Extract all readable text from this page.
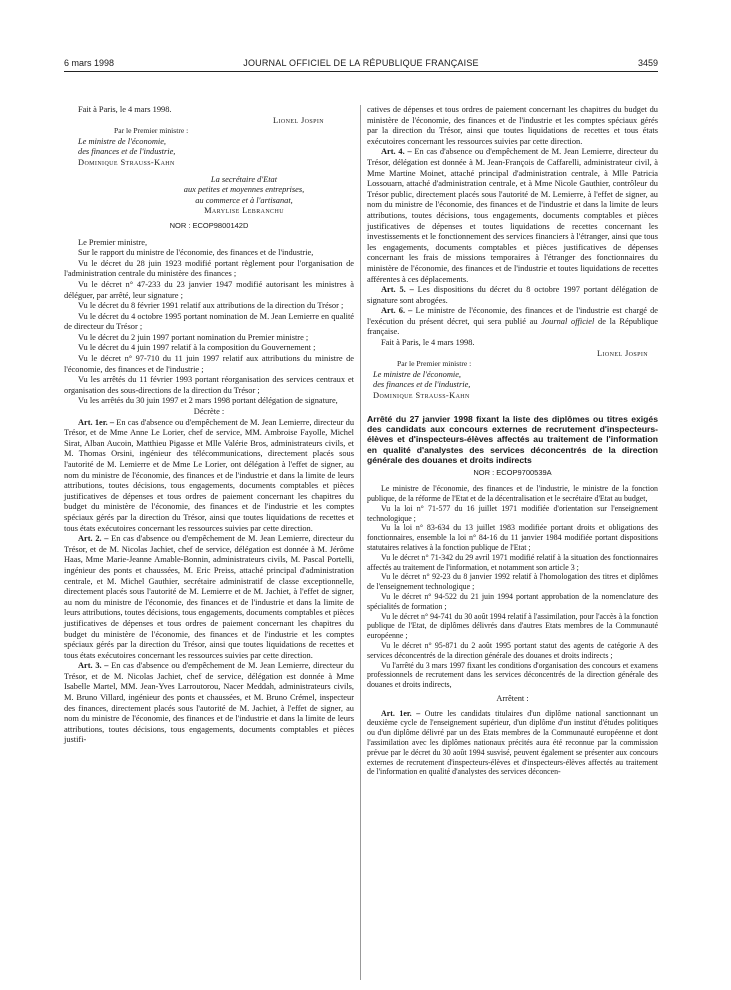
6 mars 1998	JOURNAL OFFICIEL DE LA RÉPUBLIQUE FRANÇAISE	3459

Fait à Paris, le 4 mars 1998.

Lionel Jospin

Par le Premier ministre :

Le ministre de l'économie,

des finances et de l'industrie,

Dominique Strauss-Kahn

La secrétaire d'Etat

aux petites et moyennes entreprises,

au commerce et à l'artisanat,

Marylise Lebranchu

NOR : ECOP9800142D

Le Premier ministre,

Sur le rapport du ministre de l'économie, des finances et de l'industrie,

Vu le décret du 28 juin 1923 modifié portant règlement pour l'organisation de l'administration centrale du ministère des finances ;

Vu le décret n° 47-233 du 23 janvier 1947 modifié autorisant les ministres à déléguer, par arrêté, leur signature ;

Vu le décret du 8 février 1991 relatif aux attributions de la direction du Trésor ;

Vu le décret du 4 octobre 1995 portant nomination de M. Jean Lemierre en qualité de directeur du Trésor ;

Vu le décret du 2 juin 1997 portant nomination du Premier ministre ;

Vu le décret du 4 juin 1997 relatif à la composition du Gouvernement ;

Vu le décret n° 97-710 du 11 juin 1997 relatif aux attributions du ministre de l'économie, des finances et de l'industrie ;

Vu les arrêtés du 11 février 1993 portant réorganisation des services centraux et organisation des sous-directions de la direction du Trésor ;

Vu les arrêtés du 30 juin 1997 et 2 mars 1998 portant délégation de signature,

Décrète :

Art. 1er. – En cas d'absence ou d'empêchement de M. Jean Lemierre, directeur du Trésor, et de Mme Anne Le Lorier, chef de service, MM. Ambroise Fayolle, Michel Sirat, Alban Aucoin, Matthieu Pigasse et Mlle Valérie Bros, administrateurs civils, et M. Thomas Orsini, ingénieur des télécommunications, directement placés sous l'autorité de M. Lemierre et de Mme Le Lorier, ont délégation à l'effet de signer, au nom du ministre de l'économie, des finances et de l'industrie et dans la limite de leurs attributions, toutes décisions, tous engagements, documents comptables et pièces justificatives de dépenses et tous ordres de paiement concernant les chapitres du budget du ministère de l'économie, des finances et de l'industrie et les comptes spéciaux gérés par la direction du Trésor, ainsi que toutes liquidations de recettes et tous états exécutoires concernant les ressources suivies par cette direction.

Art. 2. – En cas d'absence ou d'empêchement de M. Jean Lemierre, directeur du Trésor, et de M. Nicolas Jachiet, chef de service, délégation est donnée à M. Jérôme Haas, Mme Marie-Jeanne Amable-Bonnin, administrateurs civils, M. Pascal Portelli, ingénieur des ponts et chaussées, M. Eric Preiss, attaché principal d'administration centrale, et M. Michel Gauthier, secrétaire administratif de classe exceptionnelle, directement placés sous l'autorité de M. Lemierre et de M. Jachiet, à l'effet de signer, au nom du ministre de l'économie, des finances et de l'industrie et dans la limite de leurs attributions, toutes décisions, tous engagements, documents comptables et pièces justificatives de dépenses et tous ordres de paiement concernant les chapitres du budget du ministère de l'économie, des finances et de l'industrie et les comptes spéciaux gérés par la direction du Trésor, ainsi que toutes liquidations de recettes et tous états exécutoires concernant les ressources suivies par cette direction.

Art. 3. – En cas d'absence ou d'empêchement de M. Jean Lemierre, directeur du Trésor, et de M. Nicolas Jachiet, chef de service, délégation est donnée à Mme Isabelle Martel, MM. Jean-Yves Larroutorou, Nacer Meddah, administrateurs civils, M. Bruno Villard, ingénieur des ponts et chaussées, et M. Bruno Crémel, inspecteur des finances, directement placés sous l'autorité de M. Jachiet, à l'effet de signer, au nom du ministre de l'économie, des finances et de l'industrie et dans la limite de leurs attributions, toutes décisions, tous engagements, documents comptables et pièces justifi-

catives de dépenses et tous ordres de paiement concernant les chapitres du budget du ministère de l'économie, des finances et de l'industrie et les comptes spéciaux gérés par la direction du Trésor, ainsi que toutes liquidations de recettes et tous états exécutoires concernant les ressources suivies par cette direction.

Art. 4. – En cas d'absence ou d'empêchement de M. Jean Lemierre, directeur du Trésor, délégation est donnée à M. Jean-François de Caffarelli, administrateur civil, à Mme Martine Moinet, attaché principal d'administration centrale, à Mlle Patricia Lossouarn, attaché d'administration centrale, et à Mme Nicole Gauthier, contrôleur du Trésor public, directement placés sous l'autorité de M. Lemierre, à l'effet de signer, au nom du ministre de l'économie, des finances et de l'industrie et dans la limite de leurs attributions, toutes décisions, tous engagements, documents comptables et pièces justificatives de dépenses et toutes liquidations de recettes concernant les investissements et le fonctionnement des services financiers à l'étranger, ainsi que tous les engagements, documents comptables et pièces justificatives de dépenses concernant les frais de missions temporaires à l'étranger des fonctionnaires du ministère de l'économie, des finances et de l'industrie et toutes liquidations de recettes afférentes à ces déplacements.

Art. 5. – Les dispositions du décret du 8 octobre 1997 portant délégation de signature sont abrogées.

Art. 6. – Le ministre de l'économie, des finances et de l'industrie est chargé de l'exécution du présent décret, qui sera publié au Journal officiel de la République française.

Fait à Paris, le 4 mars 1998.

Lionel Jospin

Par le Premier ministre :

Le ministre de l'économie,

des finances et de l'industrie,

Dominique Strauss-Kahn

Arrêté du 27 janvier 1998 fixant la liste des diplômes ou titres exigés des candidats aux concours externes de recrutement d'inspecteurs-élèves et d'inspecteurs-élèves affectés au traitement de l'information en qualité d'analystes des services déconcentrés de la direction générale des douanes et droits indirects

NOR : ECOP9700539A

Le ministre de l'économie, des finances et de l'industrie, le ministre de la fonction publique, de la réforme de l'Etat et de la décentralisation et le secrétaire d'Etat au budget,

Vu la loi n° 71-577 du 16 juillet 1971 modifiée d'orientation sur l'enseignement technologique ;

Vu la loi n° 83-634 du 13 juillet 1983 modifiée portant droits et obligations des fonctionnaires, ensemble la loi n° 84-16 du 11 janvier 1984 modifiée portant dispositions statutaires relatives à la fonction publique de l'Etat ;

Vu le décret n° 71-342 du 29 avril 1971 modifié relatif à la situation des fonctionnaires affectés au traitement de l'information, et notamment son article 3 ;

Vu le décret n° 92-23 du 8 janvier 1992 relatif à l'homologation des titres et diplômes de l'enseignement technologique ;

Vu le décret n° 94-522 du 21 juin 1994 portant approbation de la nomenclature des spécialités de formation ;

Vu le décret n° 94-741 du 30 août 1994 relatif à l'assimilation, pour l'accès à la fonction publique de l'Etat, de diplômes délivrés dans d'autres Etats membres de la Communauté européenne ;

Vu le décret n° 95-871 du 2 août 1995 portant statut des agents de catégorie A des services déconcentrés de la direction générale des douanes et droits indirects ;

Vu l'arrêté du 3 mars 1997 fixant les conditions d'organisation des concours et examens professionnels de recrutement dans les services déconcentrés de la direction générale des douanes et droits indirects,

Arrêtent :

Art. 1er. – Outre les candidats titulaires d'un diplôme national sanctionnant un deuxième cycle de l'enseignement supérieur, d'un diplôme d'un institut d'études politiques ou d'un diplôme délivré par un des Etats membres de la Communauté européenne et dont l'assimilation avec les diplômes nationaux précités aura été reconnue par la commission prévue par le décret du 30 août 1994 susvisé, peuvent également se présenter aux concours externes de recrutement d'inspecteurs-élèves et d'inspecteurs-élèves affectés au traitement de l'information en qualité d'analystes des services déconcen-
